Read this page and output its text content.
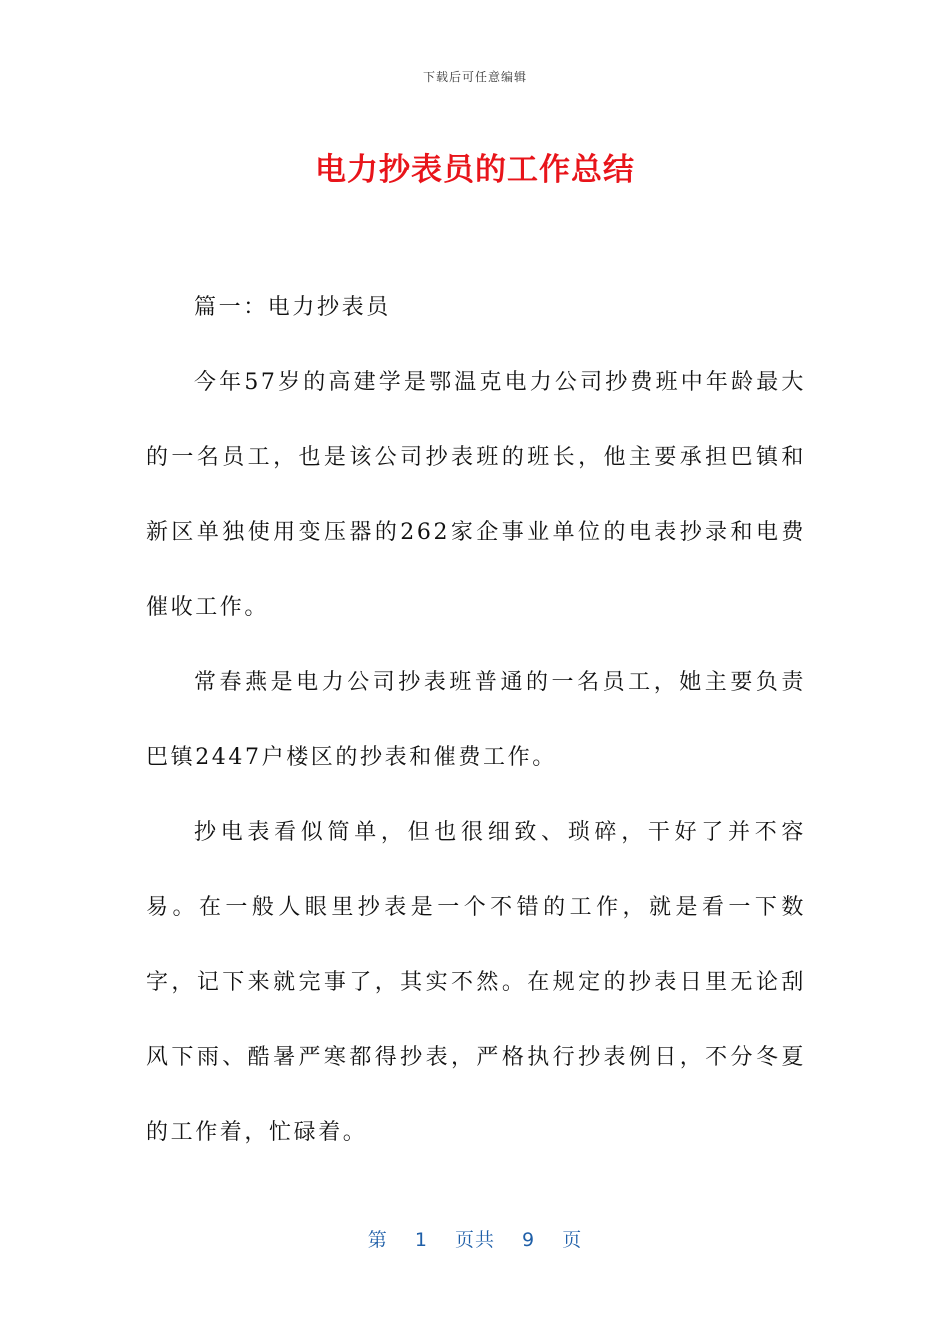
下载后可任意编辑
电力抄表员的工作总结

篇一：电力抄表员

今年57岁的高建学是鄂温克电力公司抄费班中年龄最大的一名员工，也是该公司抄表班的班长，他主要承担巴镇和新区单独使用变压器的262家企事业单位的电表抄录和电费催收工作。

常春燕是电力公司抄表班普通的一名员工，她主要负责巴镇2447户楼区的抄表和催费工作。

抄电表看似简单，但也很细致、琐碎，干好了并不容易。在一般人眼里抄表是一个不错的工作，就是看一下数字，记下来就完事了，其实不然。在规定的抄表日里无论刮风下雨、酷暑严寒都得抄表，严格执行抄表例日，不分冬夏的工作着，忙碌着。

第 1 页共 9 页
